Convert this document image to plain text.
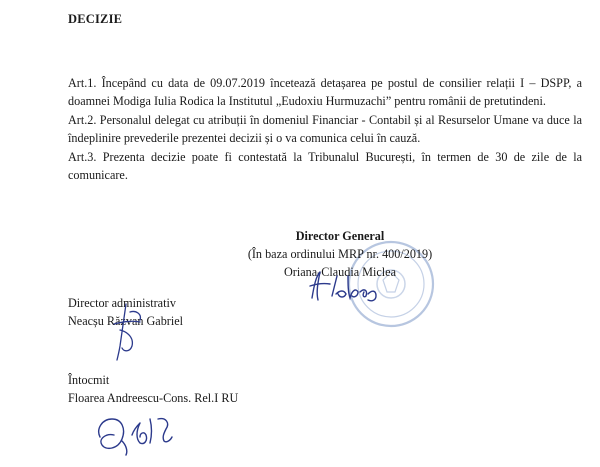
DECIZIE
Art.1. Începând cu data de 09.07.2019 încetează detașarea pe postul de consilier relații I – DSPP, a
doamnei Modiga Iulia Rodica la Institutul „Eudoxiu Hurmuzachi” pentru românii de pretutindeni.
Art.2. Personalul delegat cu atribuții în domeniul Financiar - Contabil și al Resurselor Umane va duce la
îndeplinire prevederile prezentei decizii și o va comunica celui în cauză.
Art.3. Prezenta decizie poate fi contestată la Tribunalul București, în termen de 30 de zile de la
comunicare.
Director General
(În baza ordinului MRP nr. 400/2019)
Oriana-Claudia Miclea
Director administrativ
Neacșu Răzvan Gabriel
Întocmit
Floarea Andreescu-Cons. Rel.I RU
